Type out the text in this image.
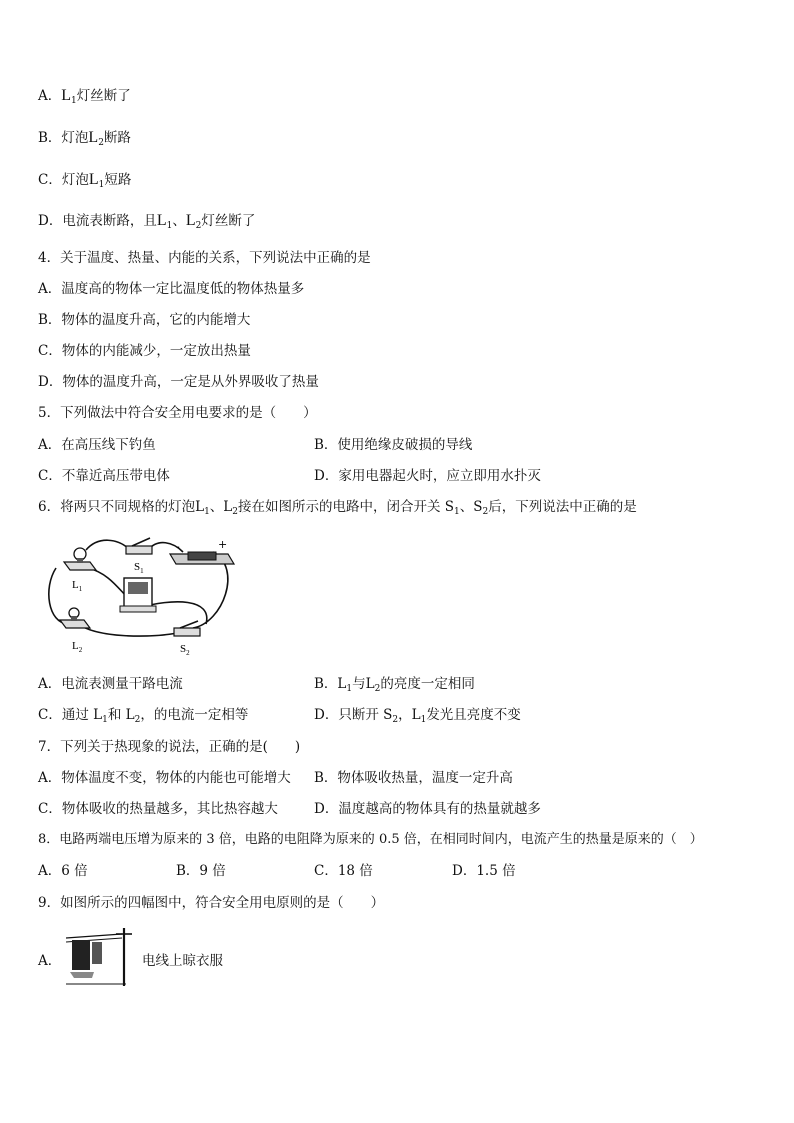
A．$L_1$灯丝断了
B．灯泡$L_2$断路
C．灯泡$L_1$短路
D．电流表断路，且$L_1$、$L_2$灯丝断了
4．关于温度、热量、内能的关系，下列说法中正确的是
A．温度高的物体一定比温度低的物体热量多
B．物体的温度升高，它的内能增大
C．物体的内能减少，一定放出热量
D．物体的温度升高，一定是从外界吸收了热量
5．下列做法中符合安全用电要求的是（　　）
A．在高压线下钓鱼	B．使用绝缘皮破损的导线
C．不靠近高压带电体	D．家用电器起火时，应立即用水扑灭
6．将两只不同规格的灯泡$L_1$、$L_2$接在如图所示的电路中，闭合开关 $S_1$、$S_2$后，下列说法中正确的是
$L_1$
$S_1$
-	+
$L_2$	$S_2$
A．电流表测量干路电流	B．$L_1$与$L_2$的亮度一定相同
C．通过 $L_1$和 $L_2$，的电流一定相等	D．只断开 $S_2$，$L_1$发光且亮度不变
7．下列关于热现象的说法，正确的是(　　)
A．物体温度不变，物体的内能也可能增大 B．物体吸收热量，温度一定升高
C．物体吸收的热量越多，其比热容越大	D．温度越高的物体具有的热量就越多
8．电路两端电压增为原来的 3 倍，电路的电阻降为原来的 0.5 倍，在相同时间内，电流产生的热量是原来的（　）
A．6 倍	B．9 倍	C．18 倍	D．1.5 倍
9．如图所示的四幅图中，符合安全用电原则的是（　　）
A．	电线上晾衣服
